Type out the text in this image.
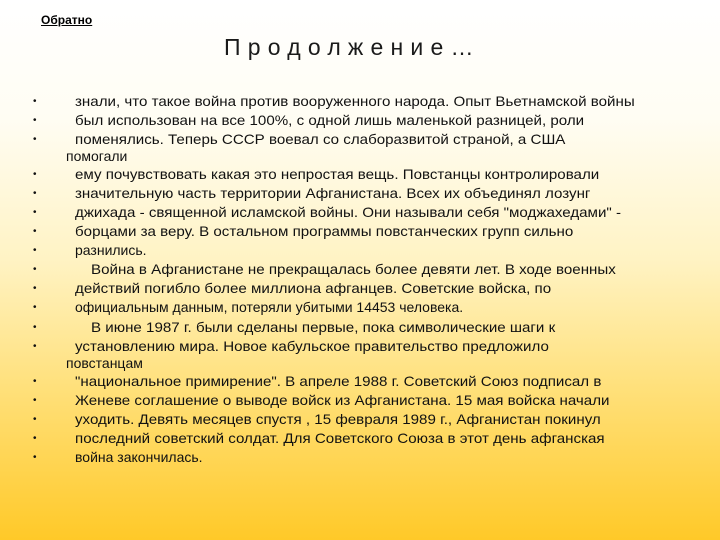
Обратно
Продолжение…
•	знали, что такое война против вооруженного народа. Опыт Вьетнамской войны
•	был использован на все 100%, с одной лишь маленькой разницей, роли
•	поменялись. Теперь СССР воевал со слаборазвитой страной, а США
помогали
•	ему почувствовать какая это непростая вещь. Повстанцы контролировали
•	значительную часть территории Афганистана. Всех их объединял лозунг
•	джихада - священной исламской войны. Они называли себя "моджахедами" -
•	борцами за веру. В остальном программы повстанческих групп сильно
•	разнились.
•	Война в Афганистане не прекращалась более девяти лет. В ходе военных
•	действий погибло более миллиона афганцев. Советские войска, по
•	официальным данным, потеряли убитыми 14453 человека.
•	В июне 1987 г. были сделаны первые, пока символические шаги к
•	установлению мира. Новое кабульское правительство предложило
повстанцам
•	"национальное примирение". В апреле 1988 г. Советский Союз подписал в
•	Женеве соглашение о выводе войск из Афганистана. 15 мая войска начали
•	уходить. Девять месяцев спустя , 15 февраля 1989 г., Афганистан покинул
•	последний советский солдат. Для Советского Союза в этот день афганская
•	война закончилась.
